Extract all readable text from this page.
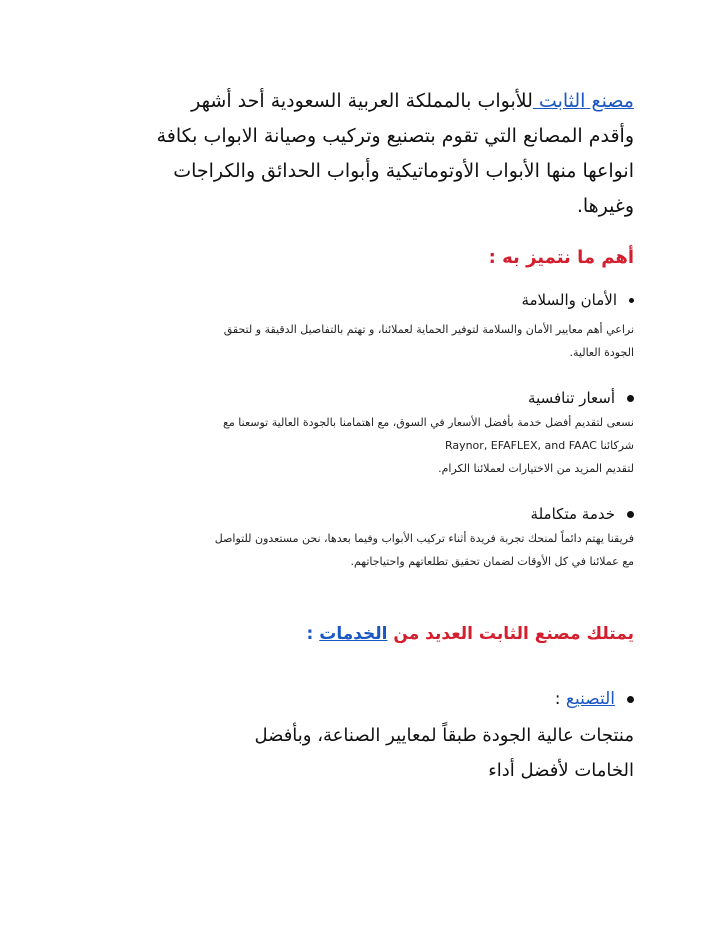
مصنع الثابت للأبواب بالمملكة العربية السعودية أحد أشهر
وأقدم المصانع التي تقوم بتصنيع وتركيب وصيانة الابواب بكافة
انواعها منها الأبواب الأوتوماتيكية وأبواب الحدائق والكراجات
وغيرها.
أهم ما نتميز به :
الأمان والسلامة
نراعي أهم معايير الأمان والسلامة لتوفير الحماية لعملائنا، و تهتم بالتفاصيل الدقيقة و لتحقق
الجودة العالية.
أسعار تنافسية
نسعى لتقديم أفضل خدمة بأفضل الأسعار في السوق، مع اهتمامنا بالجودة العالية توسعنا مع
شركائنا Raynor, EFAFLEX, and FAAC
لتقديم المزيد من الاختيارات لعملائنا الكرام.
خدمة متكاملة
فريقنا يهتم دائماً لمنحك تجربة فريدة أثناء تركيب الأبواب وفيما بعدها، نحن مستعدون للتواصل
مع عملائنا في كل الأوقات لضمان تحقيق تطلعاتهم واحتياجاتهم.
يمتلك مصنع الثابت العديد من الخدمات :
التصنيع :
منتجات عالية الجودة طبقاً لمعايير الصناعة، وبأفضل
الخامات لأفضل أداء
